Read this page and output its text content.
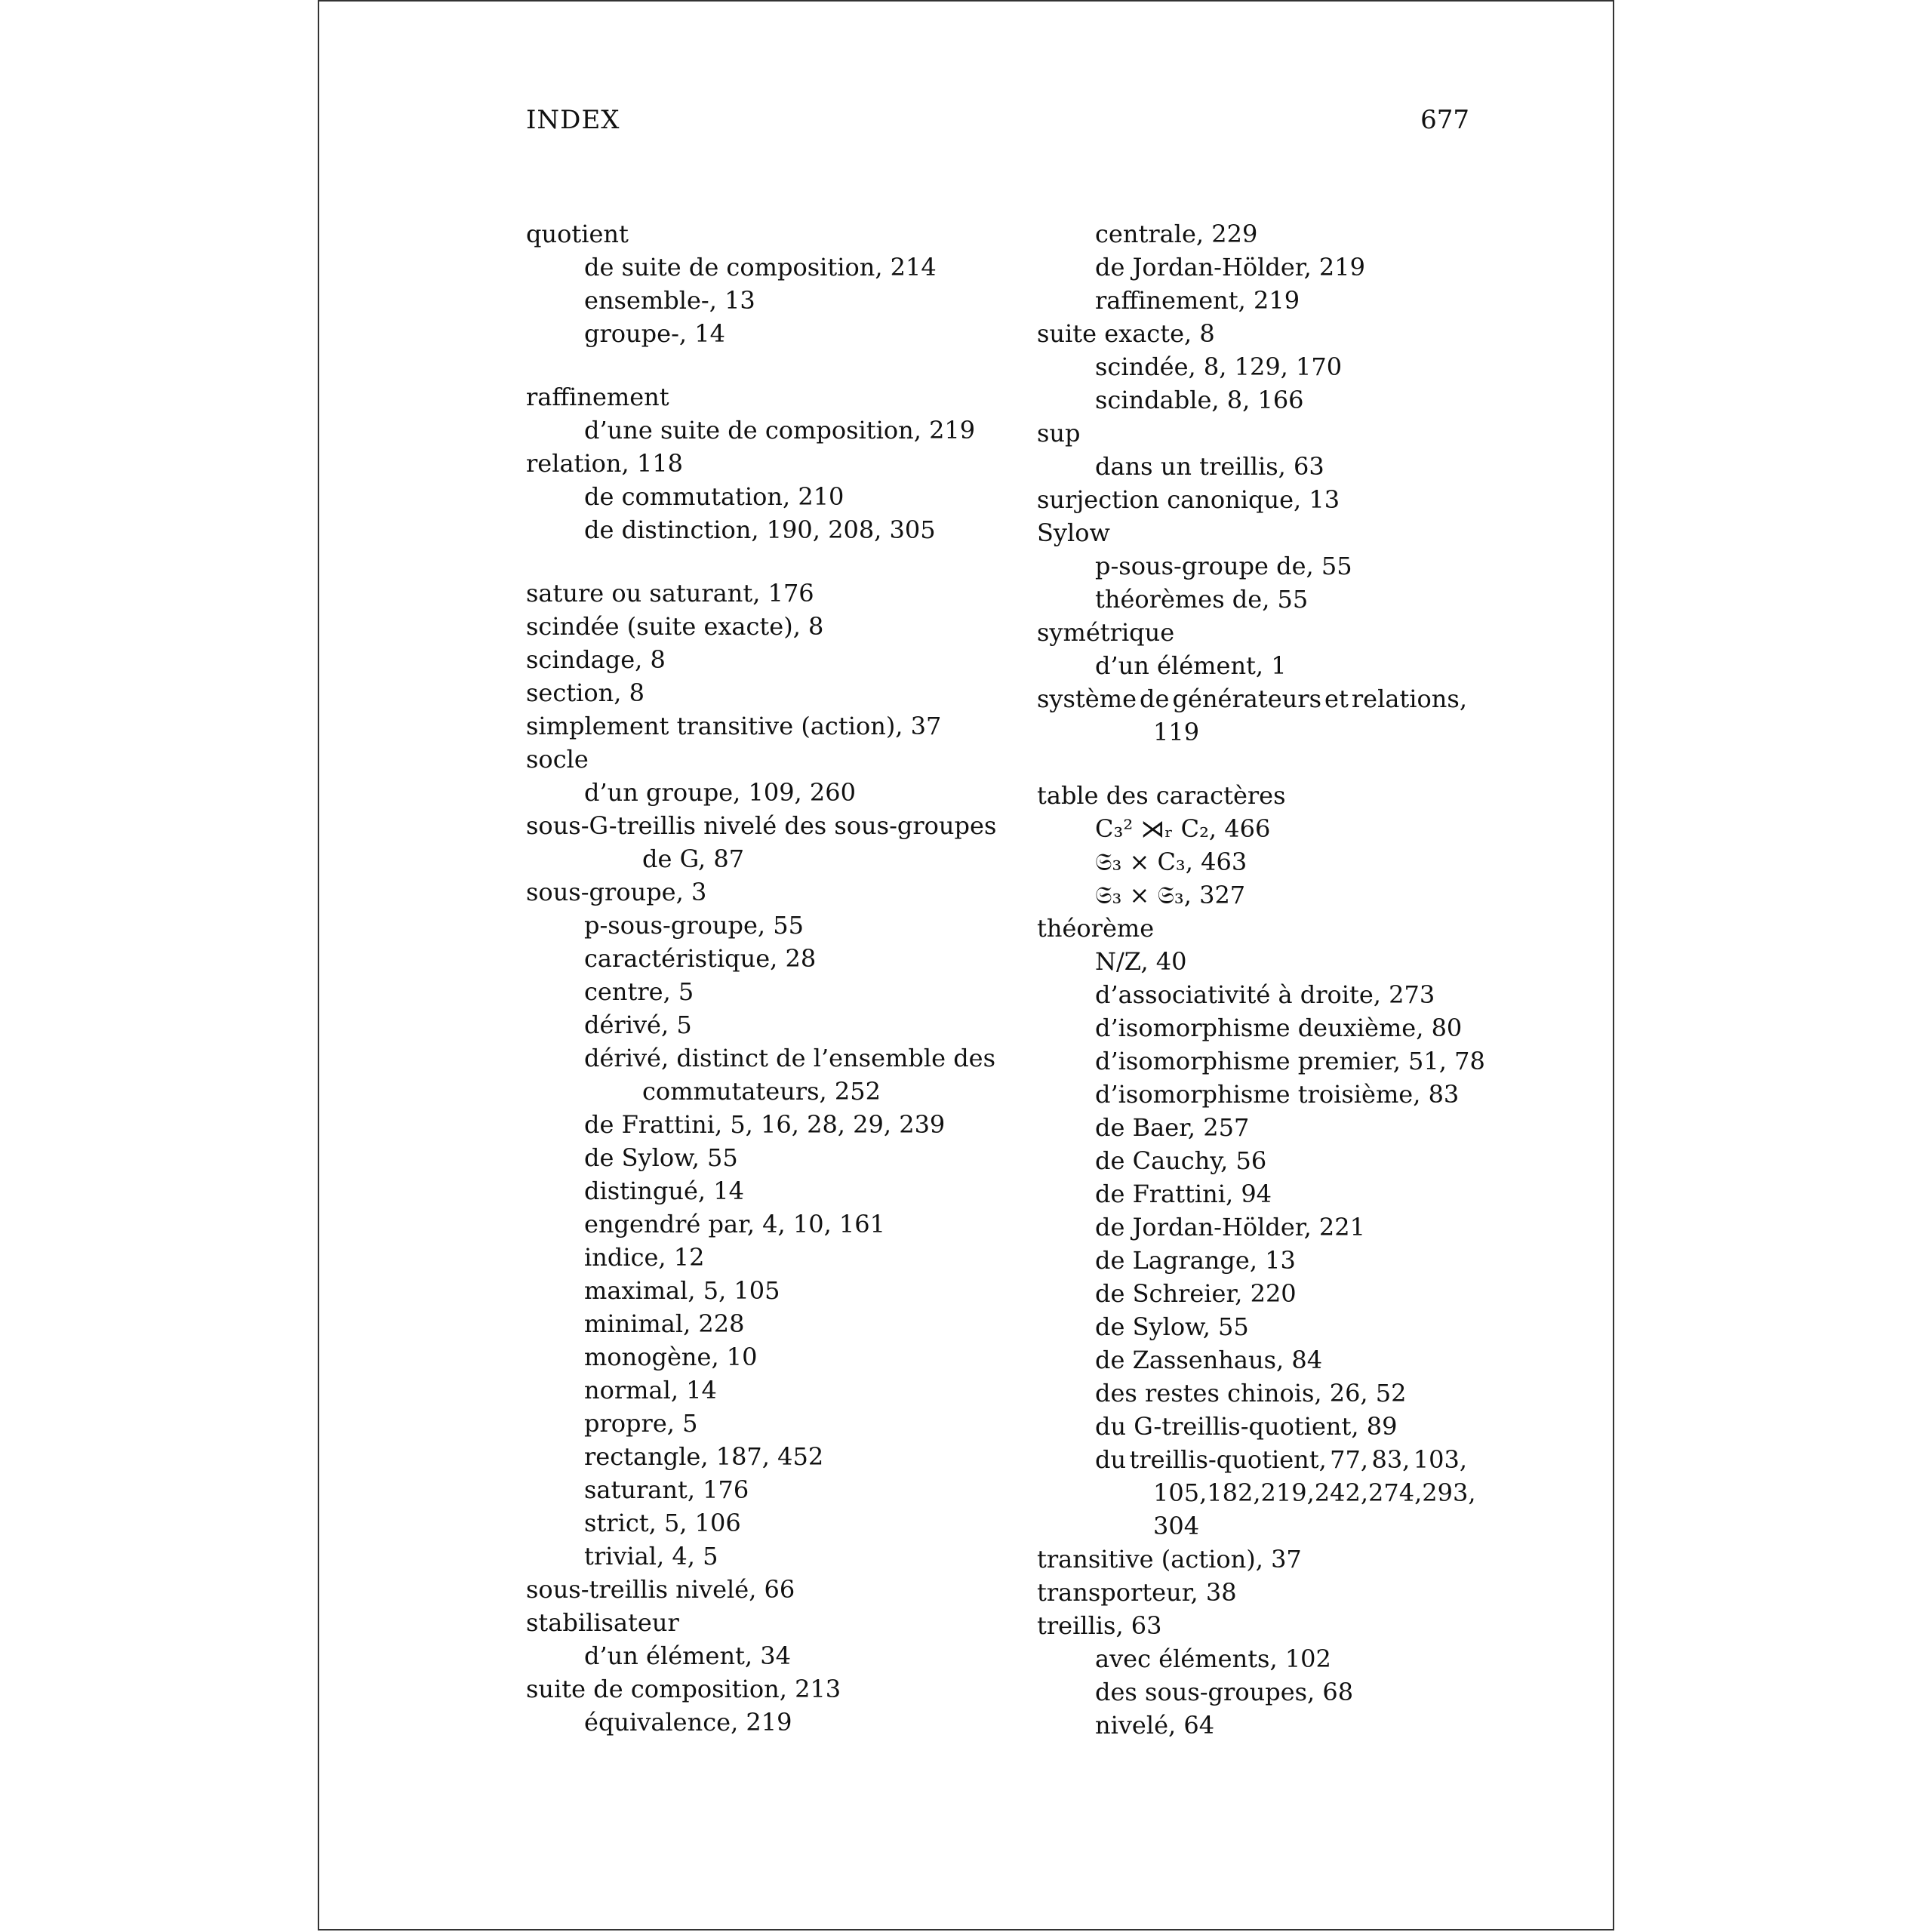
INDEX	677
quotient
de suite de composition, 214
ensemble-, 13
groupe-, 14
raffinement
d’une suite de composition, 219
relation, 118
de commutation, 210
de distinction, 190, 208, 305
sature ou saturant, 176
scindée (suite exacte), 8
scindage, 8
section, 8
simplement transitive (action), 37
socle
d’un groupe, 109, 260
sous-G-treillis nivelé des sous-groupes
de G, 87
sous-groupe, 3
p-sous-groupe, 55
caractéristique, 28
centre, 5
dérivé, 5
dérivé, distinct de l’ensemble des
commutateurs, 252
de Frattini, 5, 16, 28, 29, 239
de Sylow, 55
distingué, 14
engendré par, 4, 10, 161
indice, 12
maximal, 5, 105
minimal, 228
monogène, 10
normal, 14
propre, 5
rectangle, 187, 452
saturant, 176
strict, 5, 106
trivial, 4, 5
sous-treillis nivelé, 66
stabilisateur
d’un élément, 34
suite de composition, 213
équivalence, 219
centrale, 229
de Jordan-Hölder, 219
raffinement, 219
suite exacte, 8
scindée, 8, 129, 170
scindable, 8, 166
sup
dans un treillis, 63
surjection canonique, 13
Sylow
p-sous-groupe de, 55
théorèmes de, 55
symétrique
d’un élément, 1
système de générateurs et relations,
119
table des caractères
C₃² ⋊ᵣ C₂, 466
𝔖₃ × C₃, 463
𝔖₃ × 𝔖₃, 327
théorème
N/Z, 40
d’associativité à droite, 273
d’isomorphisme deuxième, 80
d’isomorphisme premier, 51, 78
d’isomorphisme troisième, 83
de Baer, 257
de Cauchy, 56
de Frattini, 94
de Jordan-Hölder, 221
de Lagrange, 13
de Schreier, 220
de Sylow, 55
de Zassenhaus, 84
des restes chinois, 26, 52
du G-treillis-quotient, 89
du treillis-quotient, 77, 83, 103,
105, 182, 219, 242, 274, 293,
304
transitive (action), 37
transporteur, 38
treillis, 63
avec éléments, 102
des sous-groupes, 68
nivelé, 64
